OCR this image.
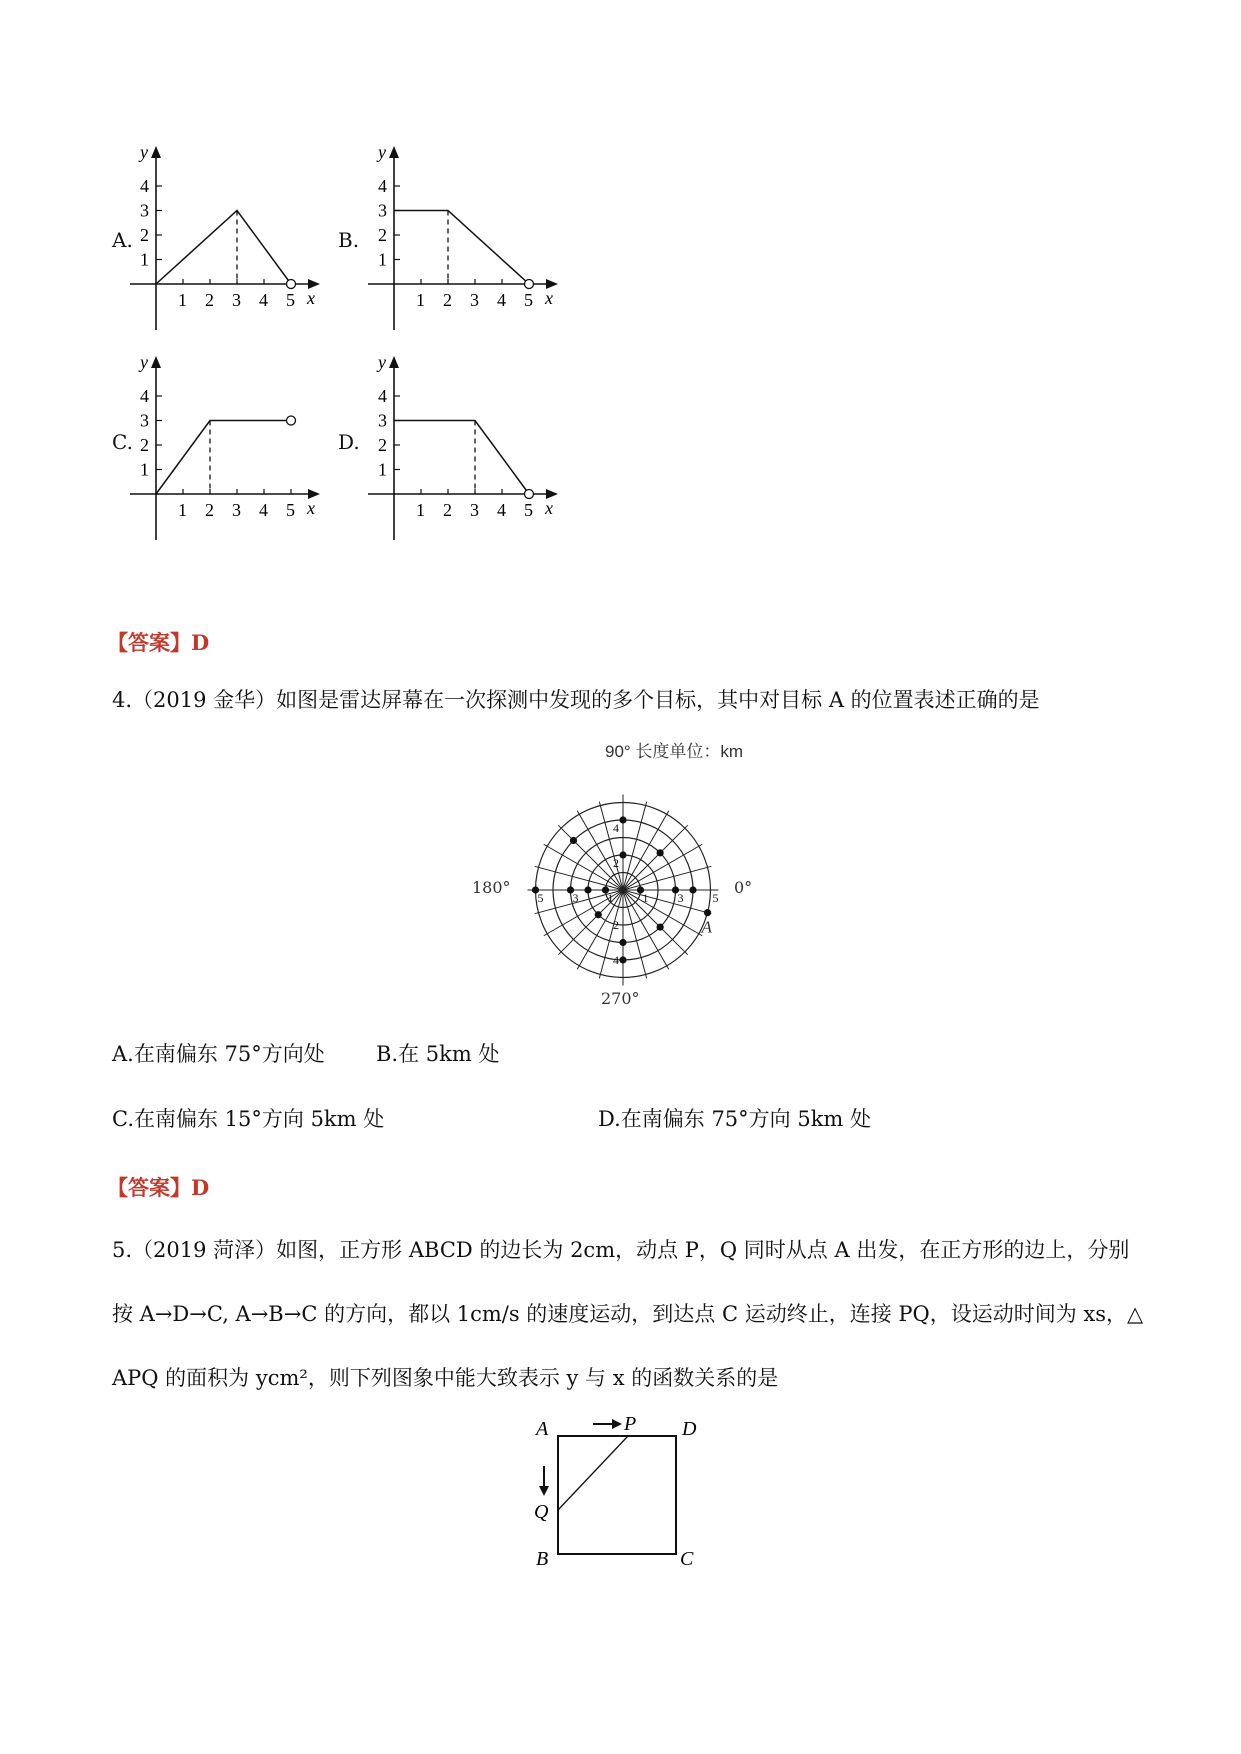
A.
4
3
2
1
1 2 3 4 5 x
y
B.
4
3
2
1
1 2 3 4 5 x
y
C.
4
3
2
1
1 2 3 4 5 x
y
D.
4
3
2
1
1 2 3 4 5 x
y
【答案】D
4.（2019 金华）如图是雷达屏幕在一次探测中发现的多个目标，其中对目标 A 的位置表述正确的是
90° 长度单位：km
180°	0°
270°
1 3 5
1
3
5
2
4
2
4
A
A.在南偏东 75°方向处 B.在 5km 处
C.在南偏东 15°方向 5km 处	D.在南偏东 75°方向 5km 处
【答案】D
5.（2019 菏泽）如图，正方形 ABCD 的边长为 2cm，动点 P，Q 同时从点 A 出发，在正方形的边上，分别
按 A→D→C, A→B→C 的方向，都以 1cm/s 的速度运动，到达点 C 运动终止，连接 PQ，设运动时间为 xs，△
APQ 的面积为 ycm²，则下列图象中能大致表示 y 与 x 的函数关系的是
A	D
B	C
P
Q
